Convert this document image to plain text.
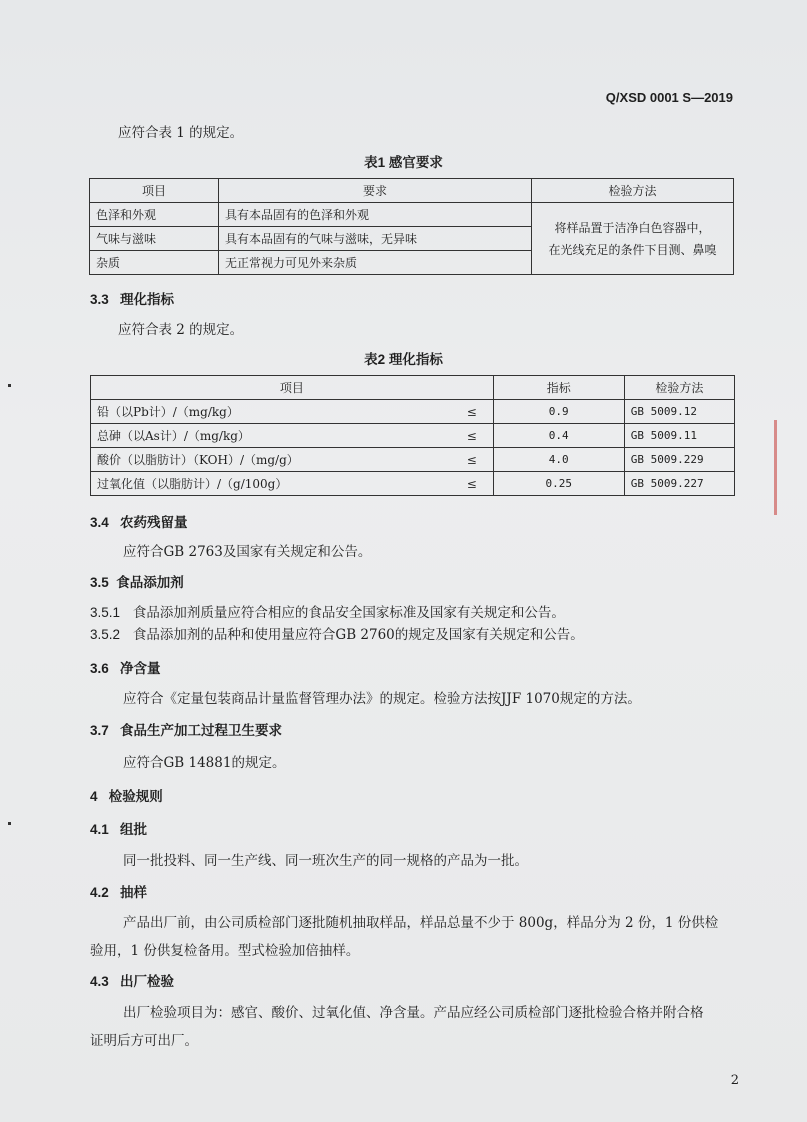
Q/XSD 0001 S—2019
应符合表 1 的规定。
表1 感官要求
项目	要求	检验方法
色泽和外观	具有本品固有的色泽和外观	将样品置于洁净白色容器中，
在光线充足的条件下目测、鼻嗅

气味与滋味	具有本品固有的气味与滋味，无异味	
杂质	无正常视力可见外来杂质	
3.3 理化指标
应符合表 2 的规定。
表2 理化指标
项目		指标	检验方法
铅（以Pb计）/（mg/kg）	≤	0.9	GB 5009.12
总砷（以As计）/（mg/kg）	≤	0.4	GB 5009.11
酸价（以脂肪计）（KOH）/（mg/g）	≤	4.0	GB 5009.229
过氧化值（以脂肪计）/（g/100g）	≤	0.25	GB 5009.227
3.4 农药残留量
应符合GB 2763及国家有关规定和公告。
3.5 食品添加剂
3.5.1 食品添加剂质量应符合相应的食品安全国家标准及国家有关规定和公告。
3.5.2 食品添加剂的品种和使用量应符合GB 2760的规定及国家有关规定和公告。
3.6 净含量
应符合《定量包装商品计量监督管理办法》的规定。检验方法按JJF 1070规定的方法。
3.7 食品生产加工过程卫生要求
应符合GB 14881的规定。
4 检验规则
4.1 组批
同一批投料、同一生产线、同一班次生产的同一规格的产品为一批。
4.2 抽样
产品出厂前，由公司质检部门逐批随机抽取样品，样品总量不少于 800g，样品分为 2 份，1 份供检
验用，1 份供复检备用。型式检验加倍抽样。
4.3 出厂检验
出厂检验项目为：感官、酸价、过氧化值、净含量。产品应经公司质检部门逐批检验合格并附合格
证明后方可出厂。
2
